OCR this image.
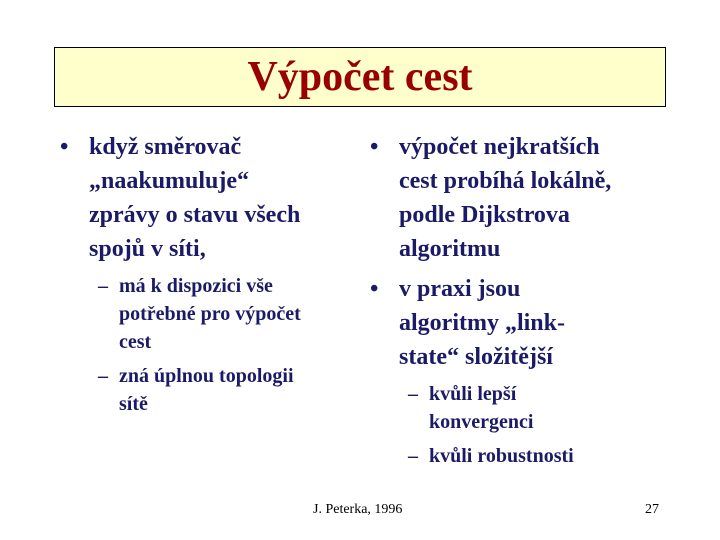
Výpočet cest
• když směrovač
„naakumuluje“
zprávy o stavu všech
spojů v síti,
– má k dispozici vše
potřebné pro výpočet
cest
– zná úplnou topologii
sítě
• výpočet nejkratších
cest probíhá lokálně,
podle Dijkstrova
algoritmu
• v praxi jsou
algoritmy „link-
state“ složitější
– kvůli lepší
konvergenci
– kvůli robustnosti
J. Peterka, 1996	27
